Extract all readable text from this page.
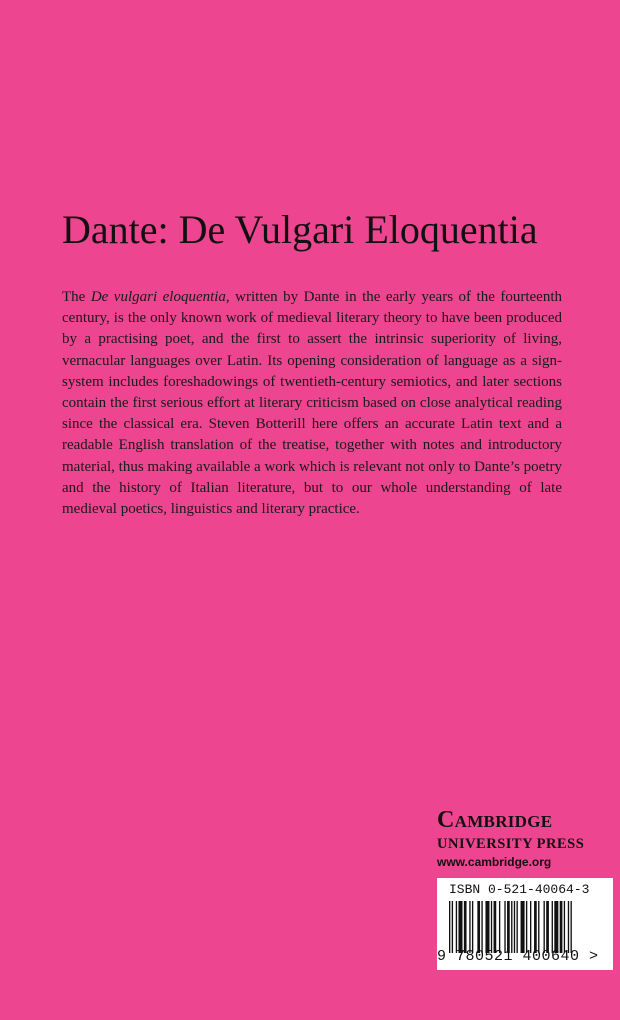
Dante: De Vulgari Eloquentia

The De vulgari eloquentia, written by Dante in the early years of the fourteenth century, is the only known work of medieval literary theory to have been produced by a practising poet, and the first to assert the intrinsic superiority of living, vernacular languages over Latin. Its opening consideration of language as a sign-system includes foreshadowings of twentieth-century semiotics, and later sections contain the first serious effort at literary criticism based on close analytical reading since the classical era. Steven Botterill here offers an accurate Latin text and a readable English translation of the treatise, together with notes and introductory material, thus making available a work which is relevant not only to Dante’s poetry and the history of Italian literature, but to our whole understanding of late medieval poetics, linguistics and literary practice.

Cambridge
UNIVERSITY PRESS
www.cambridge.org
ISBN 0-521-40064-3
9 780521 400640 >
